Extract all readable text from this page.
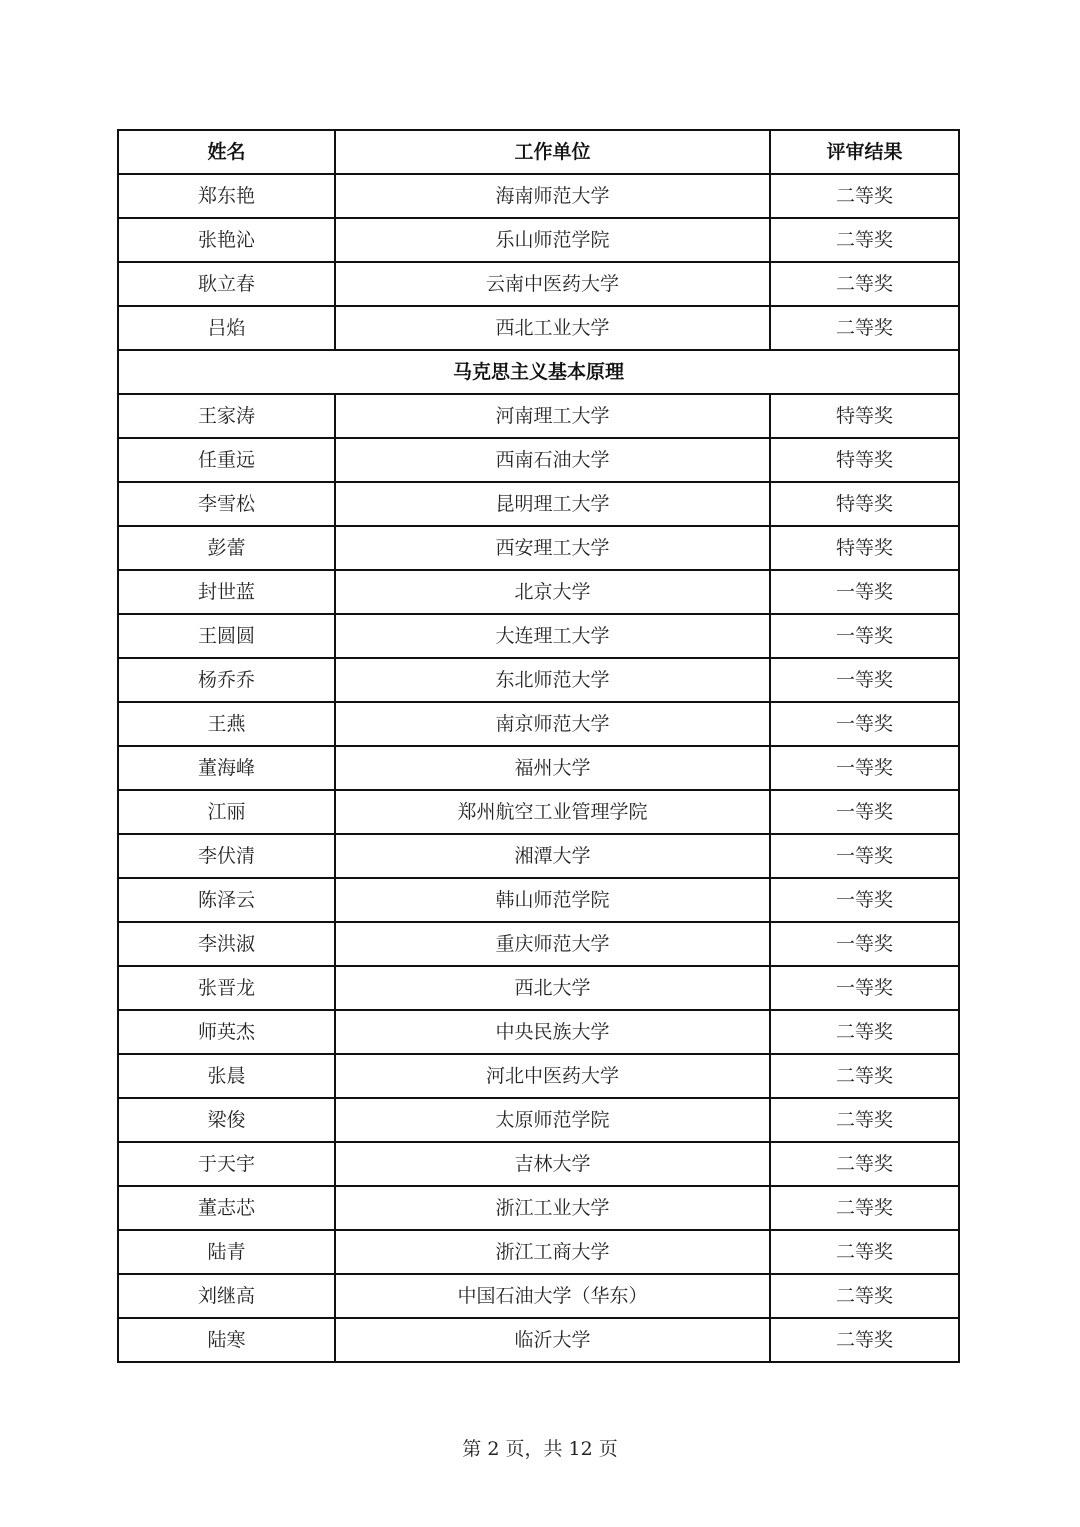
姓名	工作单位	评审结果
郑东艳	海南师范大学	二等奖
张艳沁	乐山师范学院	二等奖
耿立春	云南中医药大学	二等奖
吕焰	西北工业大学	二等奖
马克思主义基本原理		
王家涛	河南理工大学	特等奖
任重远	西南石油大学	特等奖
李雪松	昆明理工大学	特等奖
彭蕾	西安理工大学	特等奖
封世蓝	北京大学	一等奖
王圆圆	大连理工大学	一等奖
杨乔乔	东北师范大学	一等奖
王燕	南京师范大学	一等奖
董海峰	福州大学	一等奖
江丽	郑州航空工业管理学院	一等奖
李伏清	湘潭大学	一等奖
陈泽云	韩山师范学院	一等奖
李洪淑	重庆师范大学	一等奖
张晋龙	西北大学	一等奖
师英杰	中央民族大学	二等奖
张晨	河北中医药大学	二等奖
梁俊	太原师范学院	二等奖
于天宇	吉林大学	二等奖
董志芯	浙江工业大学	二等奖
陆青	浙江工商大学	二等奖
刘继高	中国石油大学（华东）	二等奖
陆寒	临沂大学	二等奖
第 2 页，共 12 页
